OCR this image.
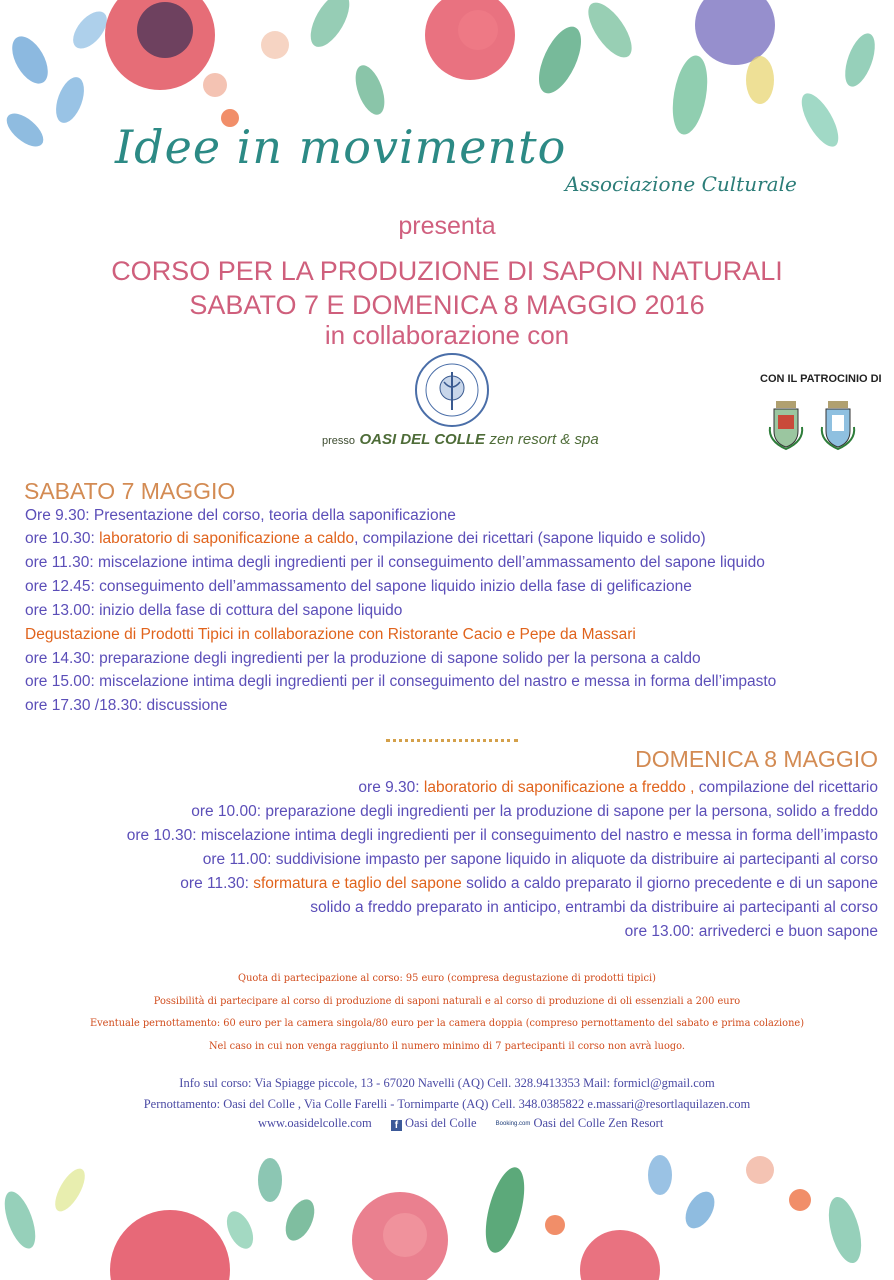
Idee in movimento
Associazione Culturale
presenta
CORSO PER LA PRODUZIONE DI SAPONI NATURALI
SABATO 7 E DOMENICA 8 MAGGIO 2016
in collaborazione con
presso OASI DEL COLLE zen resort & spa
CON IL PATROCINIO DI
SABATO 7 MAGGIO
Ore 9.30: Presentazione del corso, teoria della saponificazione
ore 10.30: laboratorio di saponificazione a caldo, compilazione dei ricettari (sapone liquido e solido)
ore 11.30: miscelazione intima degli ingredienti per il conseguimento dell’ammassamento del sapone liquido
ore 12.45: conseguimento dell’ammassamento del sapone liquido inizio della fase di gelificazione
ore 13.00: inizio della fase di cottura del sapone liquido
Degustazione di Prodotti Tipici in collaborazione con Ristorante Cacio e Pepe da Massari
ore 14.30: preparazione degli ingredienti per la produzione di sapone solido per la persona a caldo
ore 15.00: miscelazione intima degli ingredienti per il conseguimento del nastro e messa in forma dell’impasto
ore 17.30 /18.30: discussione
DOMENICA 8 MAGGIO
ore 9.30: laboratorio di saponificazione a freddo , compilazione del ricettario
ore 10.00: preparazione degli ingredienti per la produzione di sapone per la persona, solido a freddo
ore 10.30: miscelazione intima degli ingredienti per il conseguimento del nastro e messa in forma dell’impasto
ore 11.00: suddivisione impasto per sapone liquido in aliquote da distribuire ai partecipanti al corso
ore 11.30: sformatura e taglio del sapone solido a caldo preparato il giorno precedente e di un sapone
solido a freddo preparato in anticipo, entrambi da distribuire ai partecipanti al corso
ore 13.00: arrivederci e buon sapone
Quota di partecipazione al corso: 95 euro (compresa degustazione di prodotti tipici)
Possibilità di partecipare al corso di produzione di saponi naturali e al corso di produzione di oli essenziali a 200 euro
Eventuale pernottamento: 60 euro per la camera singola/80 euro per la camera doppia (compreso pernottamento del sabato e prima colazione)
Nel caso in cui non venga raggiunto il numero minimo di 7 partecipanti il corso non avrà luogo.
Info sul corso: Via Spiagge piccole, 13 - 67020 Navelli (AQ) Cell. 328.9413353 Mail: formicl@gmail.com
Pernottamento: Oasi del Colle , Via Colle Farelli - Tornimparte (AQ) Cell. 348.0385822 e.massari@resortlaquilazen.com
www.oasidelcolle.com f Oasi del Colle	Booking.com Oasi del Colle Zen Resort
